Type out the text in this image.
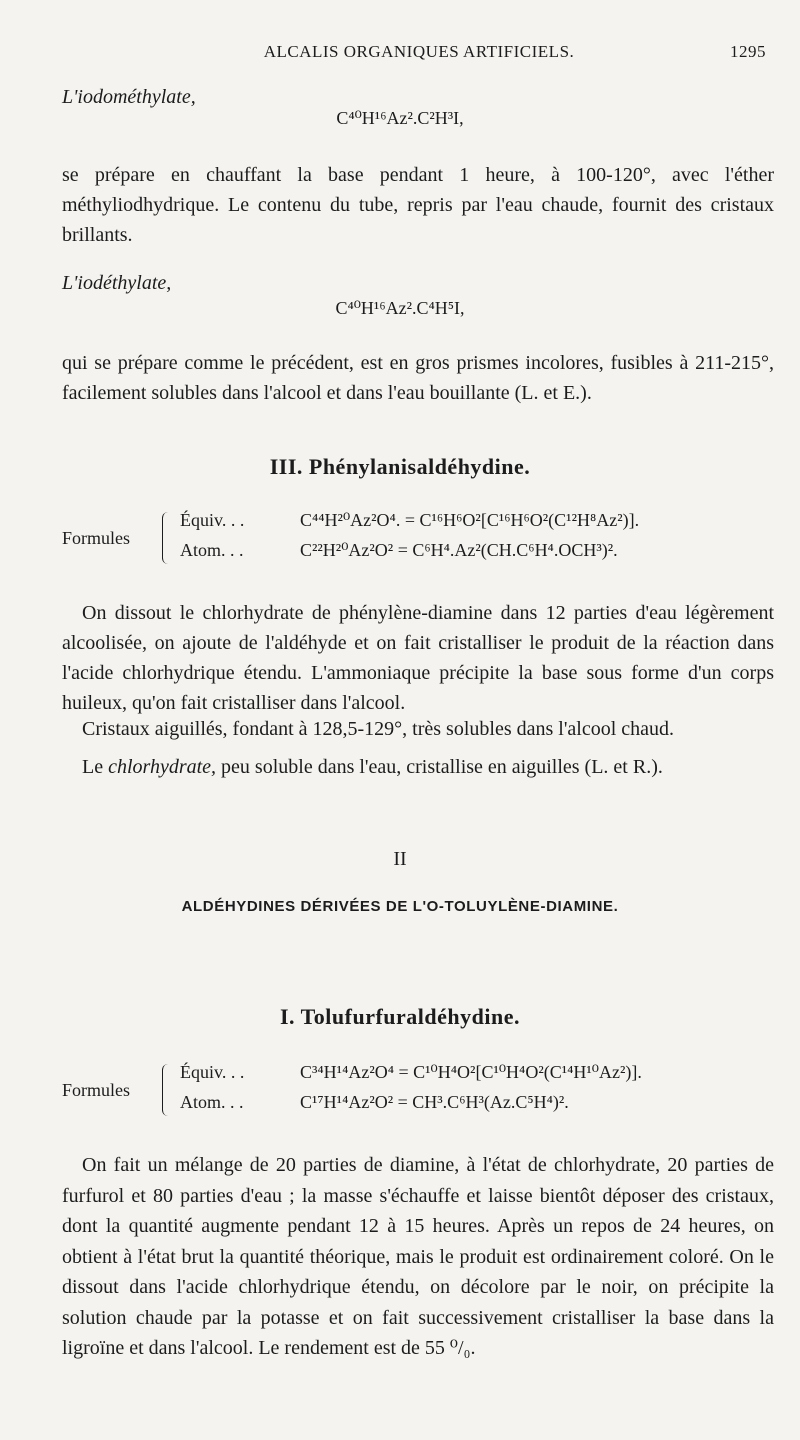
ALCALIS ORGANIQUES ARTIFICIELS.	1295
L'iodométhylate,
C⁴⁰H¹⁶Az².C²H³I,
se prépare en chauffant la base pendant 1 heure, à 100-120°, avec l'éther méthyliodhydrique. Le contenu du tube, repris par l'eau chaude, fournit des cristaux brillants.
L'iodéthylate,
C⁴⁰H¹⁶Az².C⁴H⁵I,
qui se prépare comme le précédent, est en gros prismes incolores, fusibles à 211-215°, facilement solubles dans l'alcool et dans l'eau bouillante (L. et E.).
III. Phénylanisaldéhydine.
Formules
Équiv. . .	C⁴⁴H²⁰Az²O⁴. = C¹⁶H⁶O²[C¹⁶H⁶O²(C¹²H⁸Az²)].
Atom. . .	C²²H²⁰Az²O² = C⁶H⁴.Az²(CH.C⁶H⁴.OCH³)².
On dissout le chlorhydrate de phénylène-diamine dans 12 parties d'eau légèrement alcoolisée, on ajoute de l'aldéhyde et on fait cristalliser le produit de la réaction dans l'acide chlorhydrique étendu. L'ammoniaque précipite la base sous forme d'un corps huileux, qu'on fait cristalliser dans l'alcool.
Cristaux aiguillés, fondant à 128,5-129°, très solubles dans l'alcool chaud.
Le chlorhydrate, peu soluble dans l'eau, cristallise en aiguilles (L. et R.).
II
ALDÉHYDINES DÉRIVÉES DE L'O-TOLUYLÈNE-DIAMINE.
I. Tolufurfuraldéhydine.
Formules
Équiv. . .	C³⁴H¹⁴Az²O⁴ = C¹⁰H⁴O²[C¹⁰H⁴O²(C¹⁴H¹⁰Az²)].
Atom. . .	C¹⁷H¹⁴Az²O² = CH³.C⁶H³(Az.C⁵H⁴)².
On fait un mélange de 20 parties de diamine, à l'état de chlorhydrate, 20 parties de furfurol et 80 parties d'eau ; la masse s'échauffe et laisse bientôt déposer des cristaux, dont la quantité augmente pendant 12 à 15 heures. Après un repos de 24 heures, on obtient à l'état brut la quantité théorique, mais le produit est ordinairement coloré. On le dissout dans l'acide chlorhydrique étendu, on décolore par le noir, on précipite la solution chaude par la potasse et on fait successivement cristalliser la base dans la ligroïne et dans l'alcool. Le rendement est de 55 ⁰/₀.
